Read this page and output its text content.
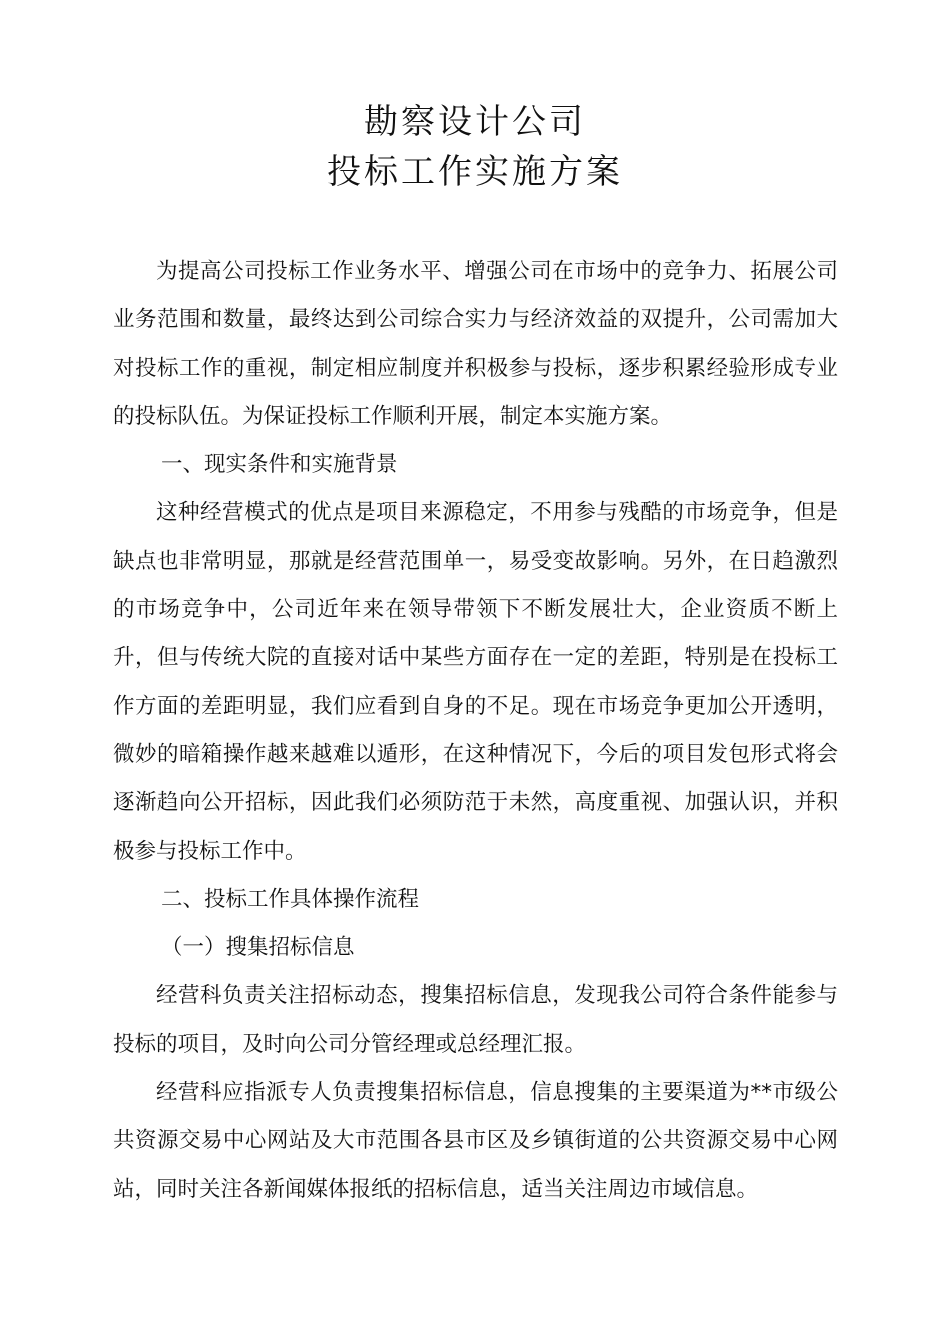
勘察设计公司
投标工作实施方案

为提高公司投标工作业务水平、增强公司在市场中的竞争力、拓展公司业务范围和数量，最终达到公司综合实力与经济效益的双提升，公司需加大对投标工作的重视，制定相应制度并积极参与投标，逐步积累经验形成专业的投标队伍。为保证投标工作顺利开展，制定本实施方案。

一、现实条件和实施背景

这种经营模式的优点是项目来源稳定，不用参与残酷的市场竞争，但是缺点也非常明显，那就是经营范围单一，易受变故影响。另外，在日趋激烈的市场竞争中，公司近年来在领导带领下不断发展壮大，企业资质不断上升，但与传统大院的直接对话中某些方面存在一定的差距，特别是在投标工作方面的差距明显，我们应看到自身的不足。现在市场竞争更加公开透明，微妙的暗箱操作越来越难以遁形，在这种情况下，今后的项目发包形式将会逐渐趋向公开招标，因此我们必须防范于未然，高度重视、加强认识，并积极参与投标工作中。

二、投标工作具体操作流程

（一）搜集招标信息

经营科负责关注招标动态，搜集招标信息，发现我公司符合条件能参与投标的项目，及时向公司分管经理或总经理汇报。

经营科应指派专人负责搜集招标信息，信息搜集的主要渠道为**市级公共资源交易中心网站及大市范围各县市区及乡镇街道的公共资源交易中心网站，同时关注各新闻媒体报纸的招标信息，适当关注周边市域信息。
